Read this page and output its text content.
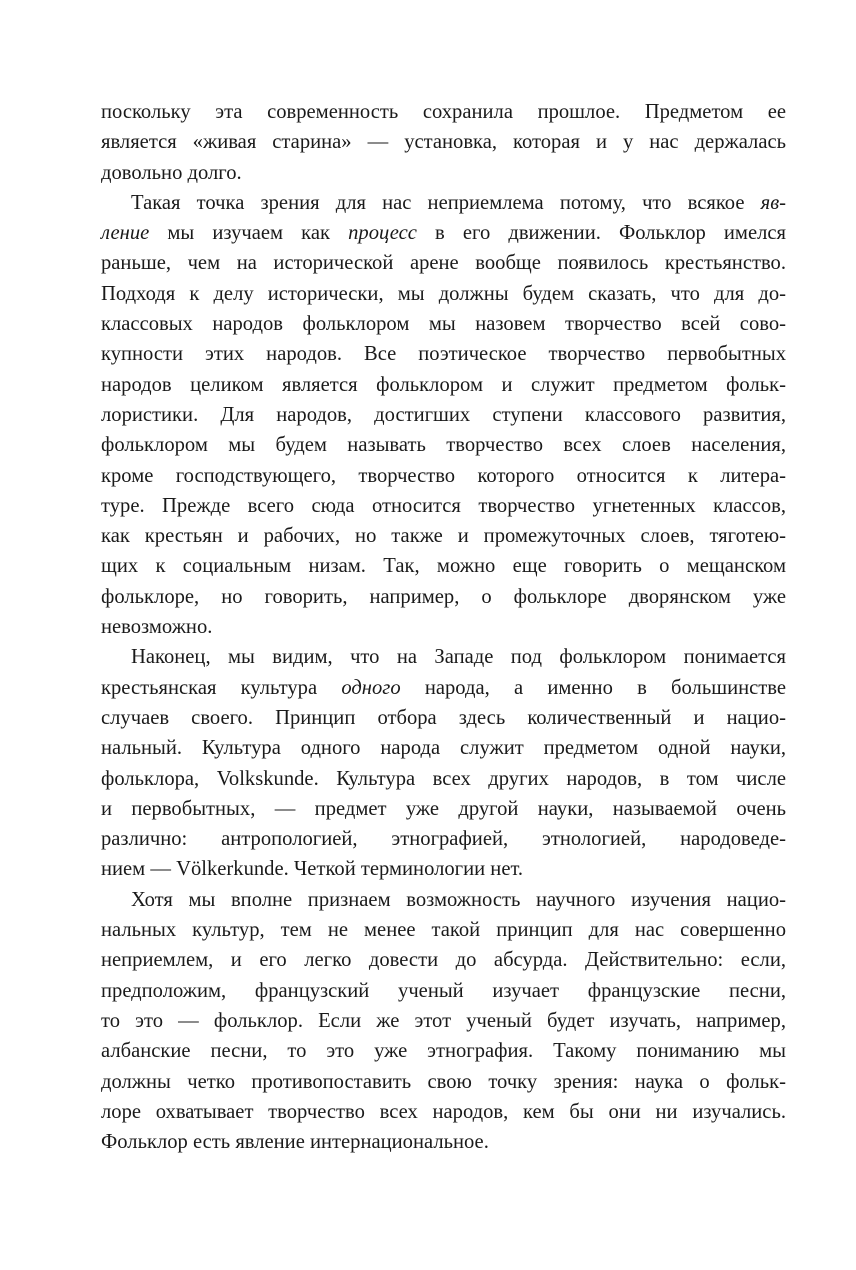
поскольку эта современность сохранила прошлое. Предметом ее
является «живая старина» — установка, которая и у нас держалась
довольно долго.
Такая точка зрения для нас неприемлема потому, что всякое яв-
ление мы изучаем как процесс в его движении. Фольклор имелся
раньше, чем на исторической арене вообще появилось крестьянство.
Подходя к делу исторически, мы должны будем сказать, что для до-
классовых народов фольклором мы назовем творчество всей сово-
купности этих народов. Все поэтическое творчество первобытных
народов целиком является фольклором и служит предметом фольк-
лористики. Для народов, достигших ступени классового развития,
фольклором мы будем называть творчество всех слоев населения,
кроме господствующего, творчество которого относится к литера-
туре. Прежде всего сюда относится творчество угнетенных классов,
как крестьян и рабочих, но также и промежуточных слоев, тяготею-
щих к социальным низам. Так, можно еще говорить о мещанском
фольклоре, но говорить, например, о фольклоре дворянском уже
невозможно.
Наконец, мы видим, что на Западе под фольклором понимается
крестьянская культура одного народа, а именно в большинстве
случаев своего. Принцип отбора здесь количественный и нацио-
нальный. Культура одного народа служит предметом одной науки,
фольклора, Volkskunde. Культура всех других народов, в том числе
и первобытных, — предмет уже другой науки, называемой очень
различно: антропологией, этнографией, этнологией, народоведе-
нием — Völkerkunde. Четкой терминологии нет.
Хотя мы вполне признаем возможность научного изучения нацио-
нальных культур, тем не менее такой принцип для нас совершенно
неприемлем, и его легко довести до абсурда. Действительно: если,
предположим, французский ученый изучает французские песни,
то это — фольклор. Если же этот ученый будет изучать, например,
албанские песни, то это уже этнография. Такому пониманию мы
должны четко противопоставить свою точку зрения: наука о фольк-
лоре охватывает творчество всех народов, кем бы они ни изучались.
Фольклор есть явление интернациональное.
